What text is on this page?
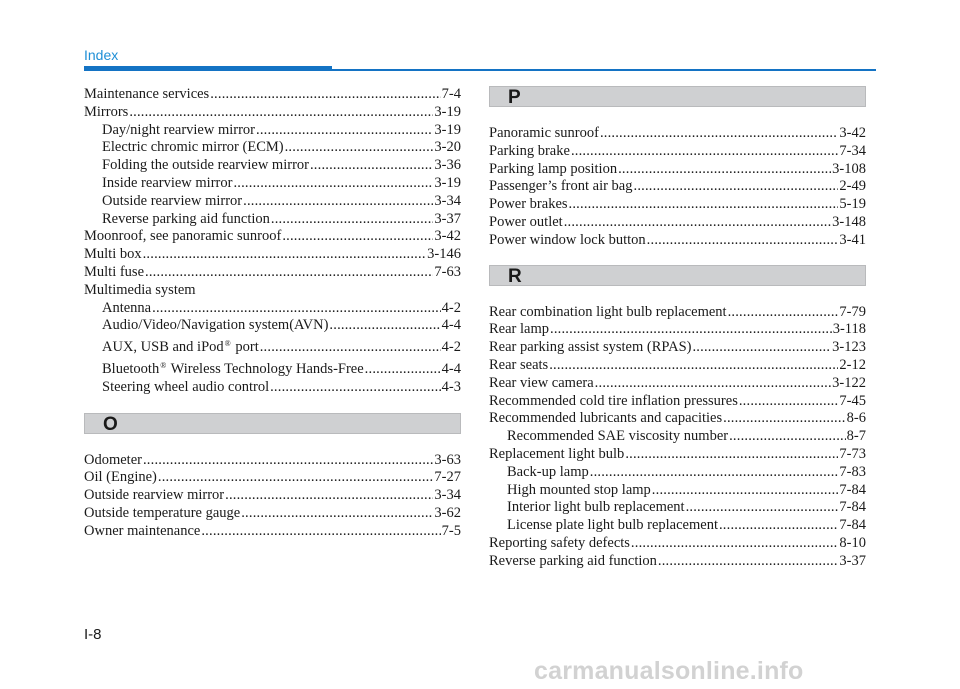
Index
Maintenance services .....	7-4
Mirrors .....	3-19
Day/night rearview mirror .....	3-19
Electric chromic mirror (ECM) .....	3-20
Folding the outside rearview mirror .....	3-36
Inside rearview mirror .....	3-19
Outside rearview mirror .....	3-34
Reverse parking aid function .....	3-37
Moonroof, see panoramic sunroof .....	3-42
Multi box .....	3-146
Multi fuse .....	7-63
Multimedia system
Antenna .....	4-2
Audio/Video/Navigation system(AVN) .....	4-4
AUX, USB and iPod® port .....	4-2
Bluetooth® Wireless Technology Hands-Free .....	4-4
Steering wheel audio control .....	4-3
O
Odometer .....	3-63
Oil (Engine) .....	7-27
Outside rearview mirror .....	3-34
Outside temperature gauge .....	3-62
Owner maintenance .....	7-5
P
Panoramic sunroof .....	3-42
Parking brake .....	7-34
Parking lamp position .....	3-108
Passenger’s front air bag .....	2-49
Power brakes .....	5-19
Power outlet .....	3-148
Power window lock button .....	3-41
R
Rear combination light bulb replacement .....	7-79
Rear lamp .....	3-118
Rear parking assist system (RPAS) .....	3-123
Rear seats .....	2-12
Rear view camera .....	3-122
Recommended cold tire inflation pressures .....	7-45
Recommended lubricants and capacities .....	8-6
Recommended SAE viscosity number .....	8-7
Replacement light bulb .....	7-73
Back-up lamp .....	7-83
High mounted stop lamp .....	7-84
Interior light bulb replacement .....	7-84
License plate light bulb replacement .....	7-84
Reporting safety defects .....	8-10
Reverse parking aid function .....	3-37
I-8
carmanualsonline.info
